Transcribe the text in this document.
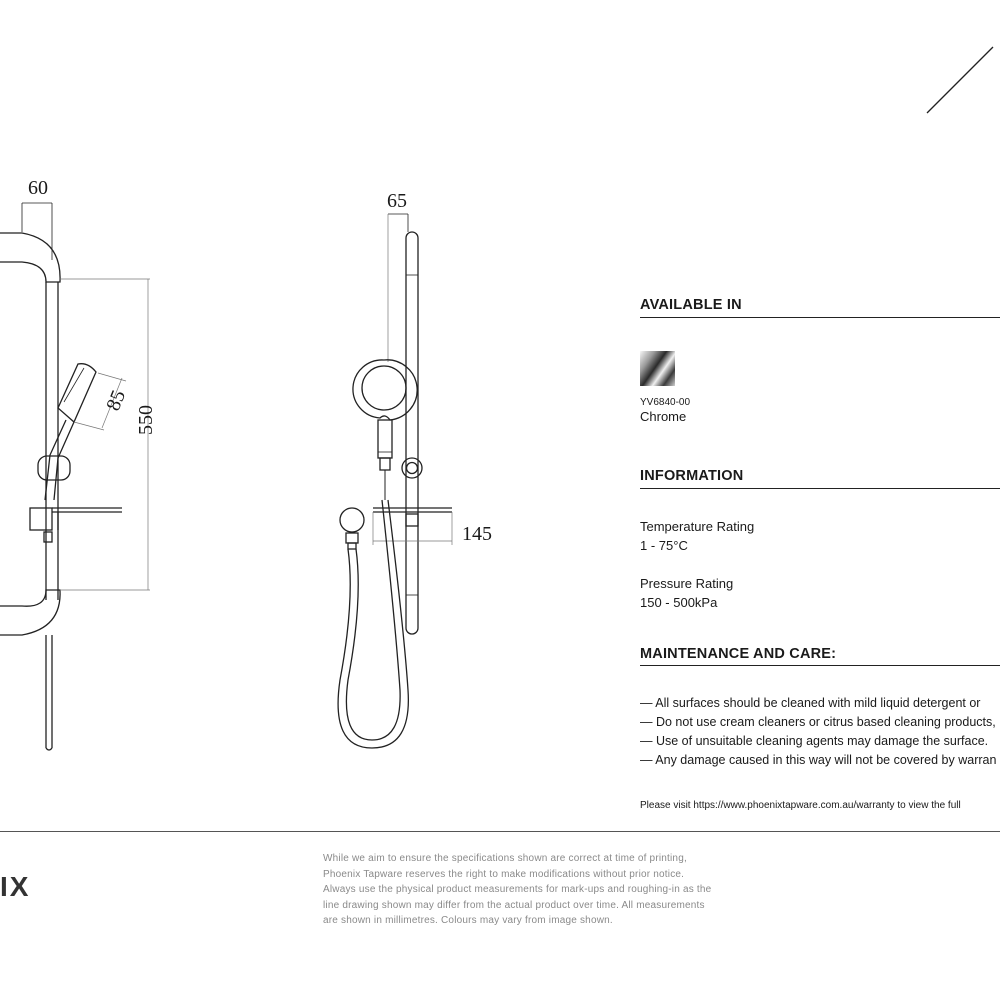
60
550
85
65
145
AVAILABLE IN
YV6840-00
Chrome
INFORMATION
Temperature Rating
1 - 75°C
Pressure Rating
150 - 500kPa
MAINTENANCE AND CARE:
— All surfaces should be cleaned with mild liquid detergent or
— Do not use cream cleaners or citrus based cleaning products,
— Use of unsuitable cleaning agents may damage the surface.
— Any damage caused in this way will not be covered by warran
Please visit https://www.phoenixtapware.com.au/warranty to view the full
IX
While we aim to ensure the specifications shown are correct at time of printing,
Phoenix Tapware reserves the right to make modifications without prior notice.
Always use the physical product measurements for mark-ups and roughing-in as the
line drawing shown may differ from the actual product over time. All measurements
are shown in millimetres. Colours may vary from image shown.
